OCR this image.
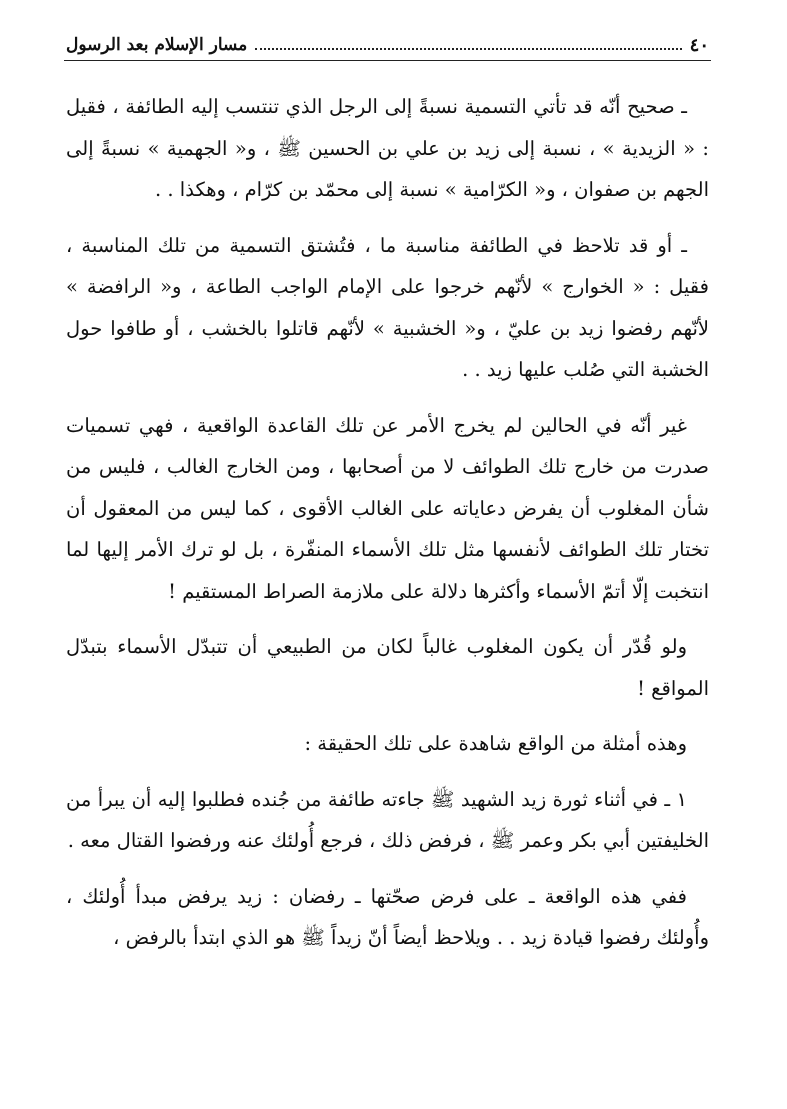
٤٠
مسار الإسلام بعد الرسول

ـ صحيح أنّه قد تأتي التسمية نسبةً إلى الرجل الذي تنتسب إليه الطائفة ، فقيل : « الزيدية » ، نسبة إلى زيد بن علي بن الحسين ﷺ ، و« الجهمية » نسبةً إلى الجهم بن صفوان ، و« الكرّامية » نسبة إلى محمّد بن كرّام ، وهكذا . .

ـ أو قد تلاحظ في الطائفة مناسبة ما ، فتُشتق التسمية من تلك المناسبة ، فقيل : « الخوارج » لأنّهم خرجوا على الإمام الواجب الطاعة ، و« الرافضة » لأنّهم رفضوا زيد بن عليّ ، و« الخشبية » لأنّهم قاتلوا بالخشب ، أو طافوا حول الخشبة التي صُلب عليها زيد . .

غير أنّه في الحالين لم يخرج الأمر عن تلك القاعدة الواقعية ، فهي تسميات صدرت من خارج تلك الطوائف لا من أصحابها ، ومن الخارج الغالب ، فليس من شأن المغلوب أن يفرض دعاياته على الغالب الأقوى ، كما ليس من المعقول أن تختار تلك الطوائف لأنفسها مثل تلك الأسماء المنفّرة ، بل لو ترك الأمر إليها لما انتخبت إلّا أتمّ الأسماء وأكثرها دلالة على ملازمة الصراط المستقيم !

ولو قُدّر أن يكون المغلوب غالباً لكان من الطبيعي أن تتبدّل الأسماء بتبدّل المواقع !

وهذه أمثلة من الواقع شاهدة على تلك الحقيقة :

١ ـ في أثناء ثورة زيد الشهيد ﷺ جاءته طائفة من جُنده فطلبوا إليه أن يبرأ من الخليفتين أبي بكر وعمر ﷺ ، فرفض ذلك ، فرجع أُولئك عنه ورفضوا القتال معه .

ففي هذه الواقعة ـ على فرض صحّتها ـ رفضان : زيد يرفض مبدأ أُولئك ، وأُولئك رفضوا قيادة زيد . . ويلاحظ أيضاً أنّ زيداً ﷺ هو الذي ابتدأ بالرفض ،
